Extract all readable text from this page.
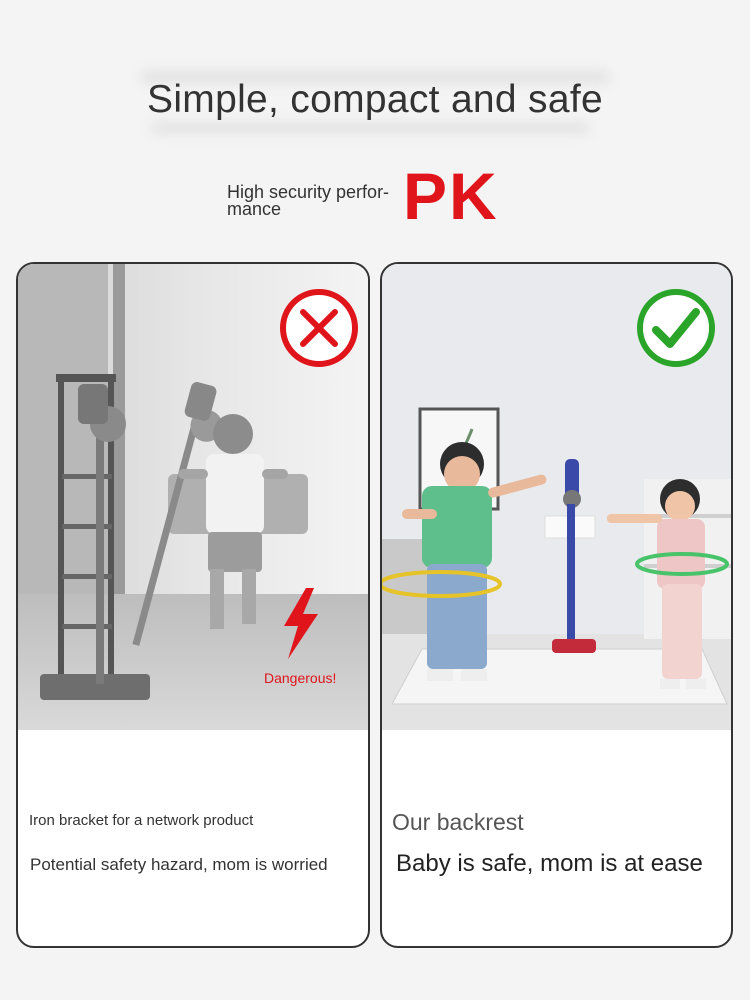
Simple, compact and safe
High security perfor- mance	PK
Dangerous!
Iron bracket for a network product
Potential safety hazard, mom is worried
Our backrest
Baby is safe, mom is at ease
